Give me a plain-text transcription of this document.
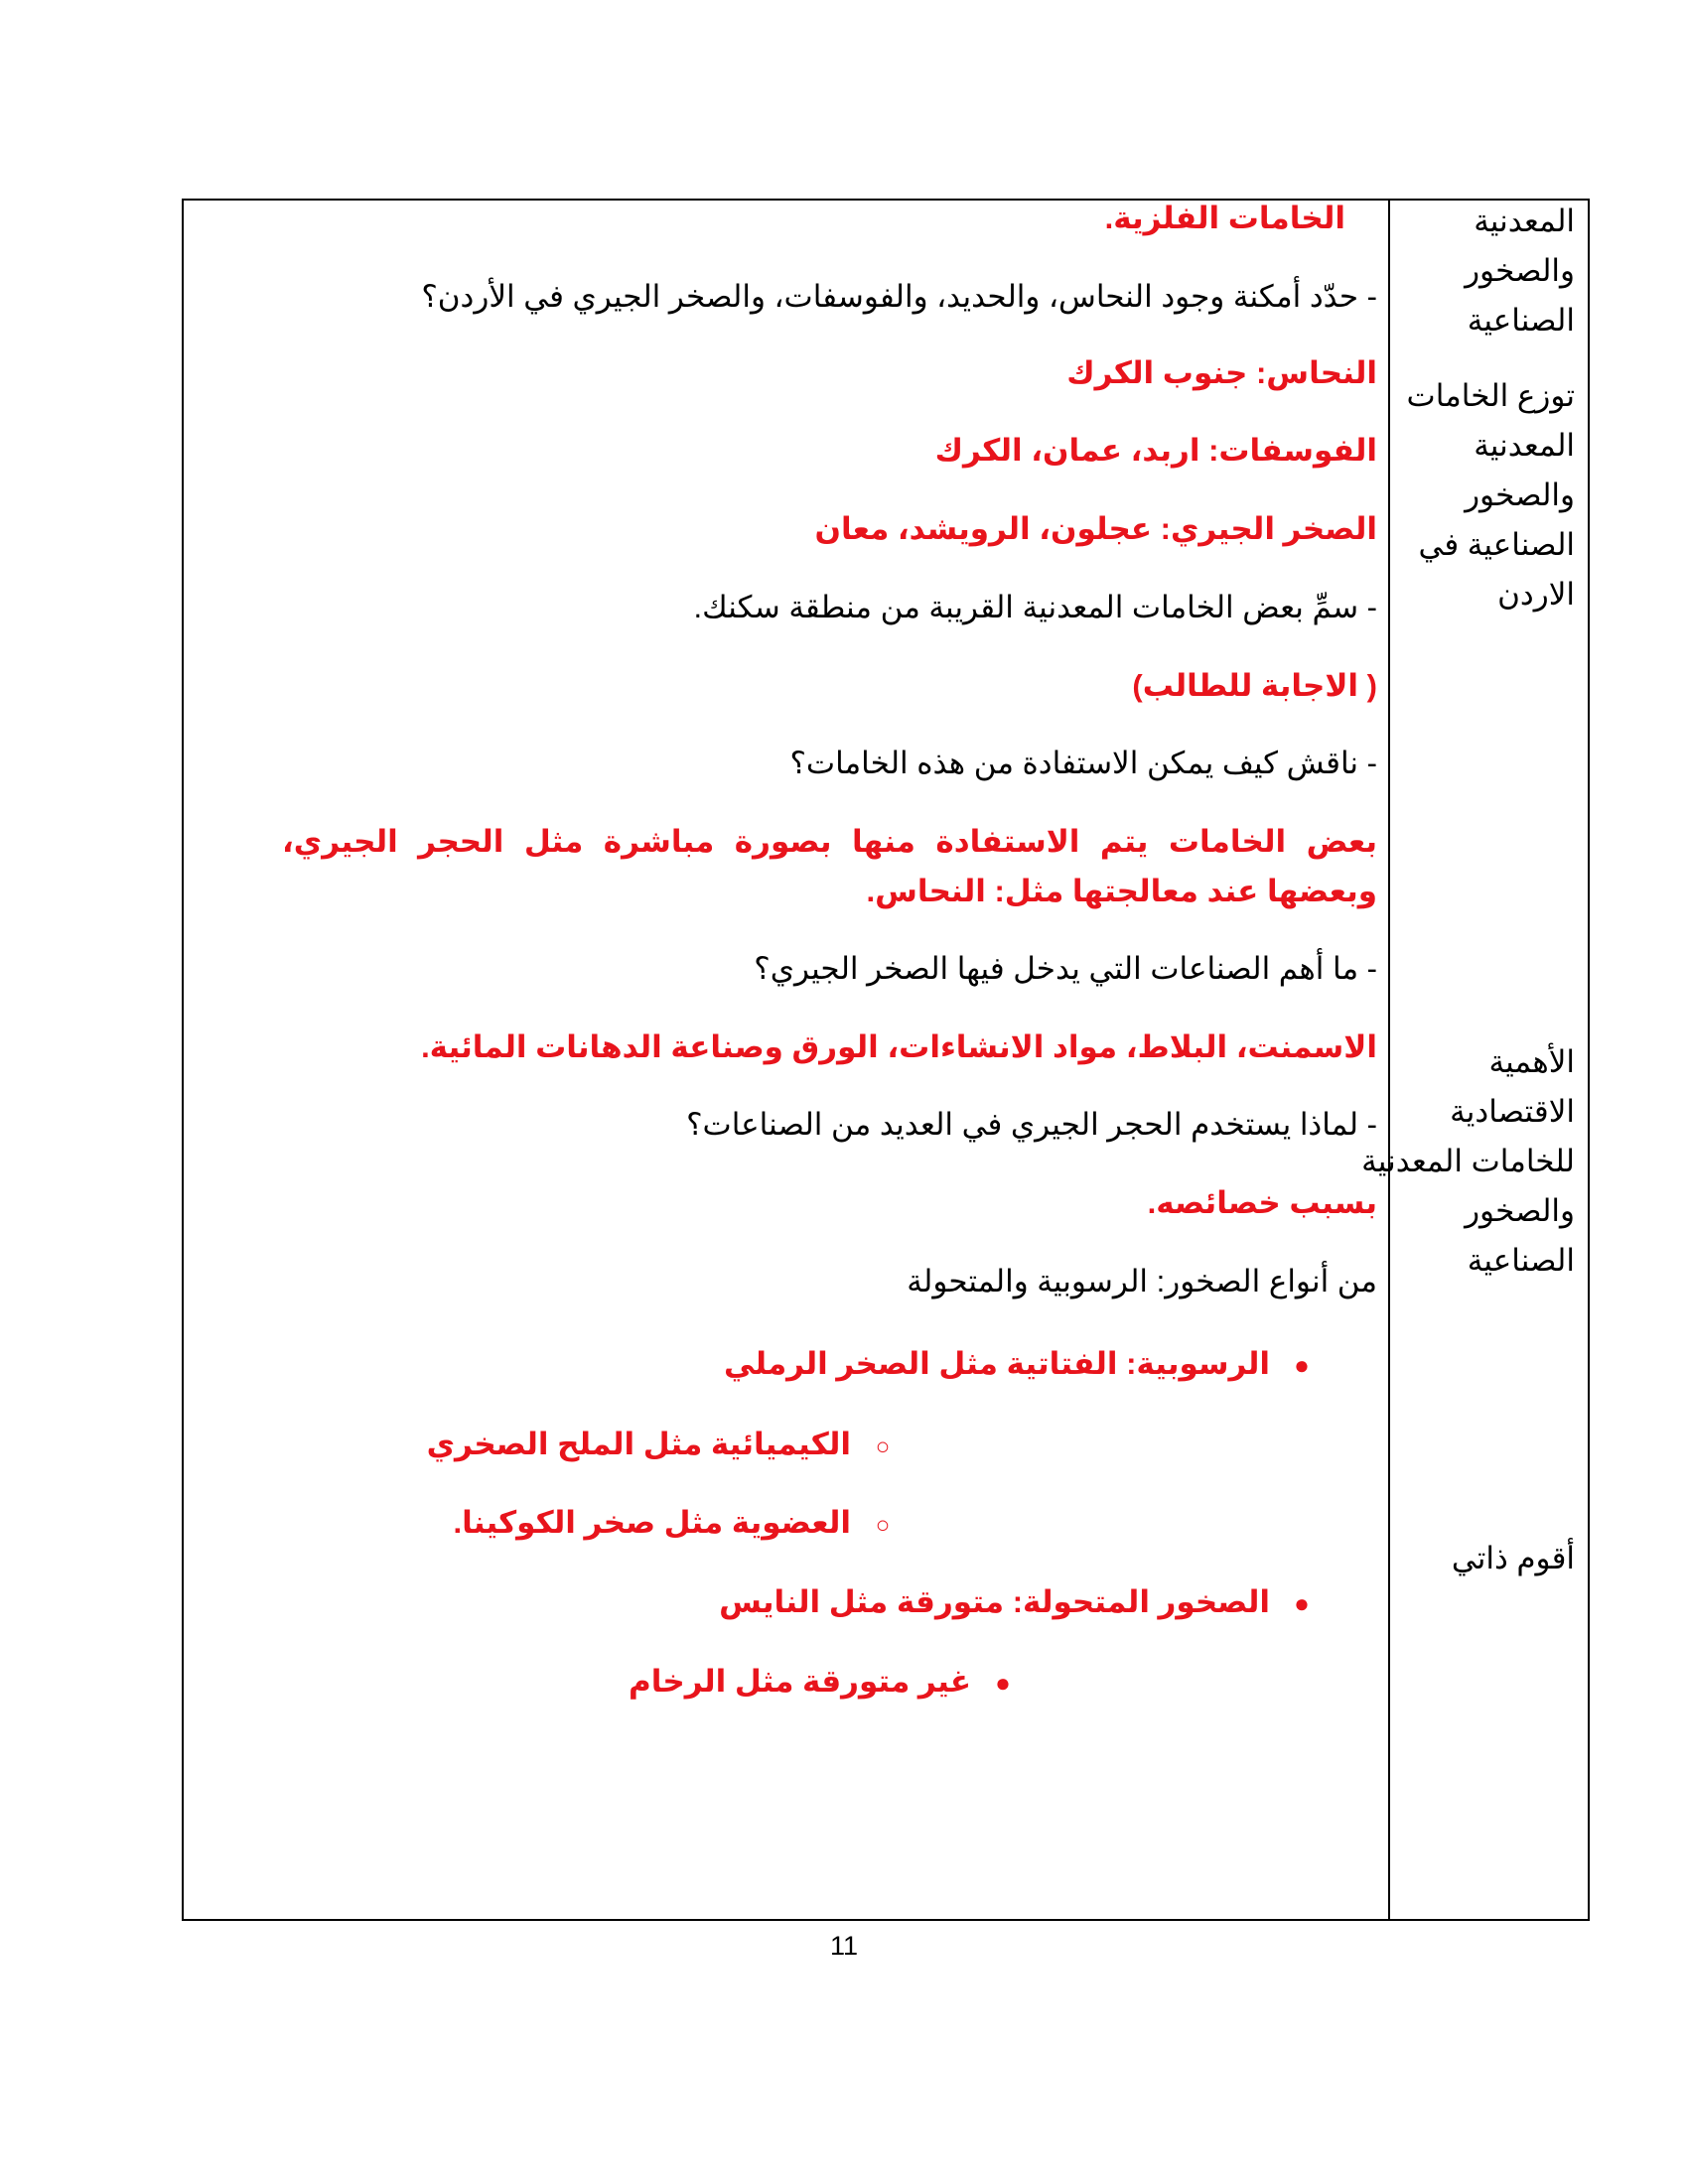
المعدنية والصخور الصناعية
توزع الخامات المعدنية والصخور الصناعية في الاردن
الأهمية الاقتصادية للخامات المعدنية والصخور الصناعية
أقوم ذاتي
الخامات الفلزية.
- حدّد أمكنة وجود النحاس، والحديد، والفوسفات، والصخر الجيري في الأردن؟
النحاس: جنوب الكرك
الفوسفات: اربد، عمان، الكرك
الصخر الجيري: عجلون، الرويشد، معان
- سمِّ بعض الخامات المعدنية القريبة من منطقة سكنك.
( الاجابة للطالب)
- ناقش كيف يمكن الاستفادة من هذه الخامات؟
بعض الخامات يتم الاستفادة منها بصورة مباشرة مثل الحجر الجيري، وبعضها عند معالجتها مثل: النحاس.
- ما أهم الصناعات التي يدخل فيها الصخر الجيري؟
الاسمنت، البلاط، مواد الانشاءات، الورق وصناعة الدهانات المائية.
- لماذا يستخدم الحجر الجيري في العديد من الصناعات؟
بسبب خصائصه.
من أنواع الصخور: الرسوبية والمتحولة
●الرسوبية: الفتاتية مثل الصخر الرملي
○الكيميائية مثل الملح الصخري
○العضوية مثل صخر الكوكينا.
●الصخور المتحولة: متورقة مثل النايس
●غير متورقة مثل الرخام
11
